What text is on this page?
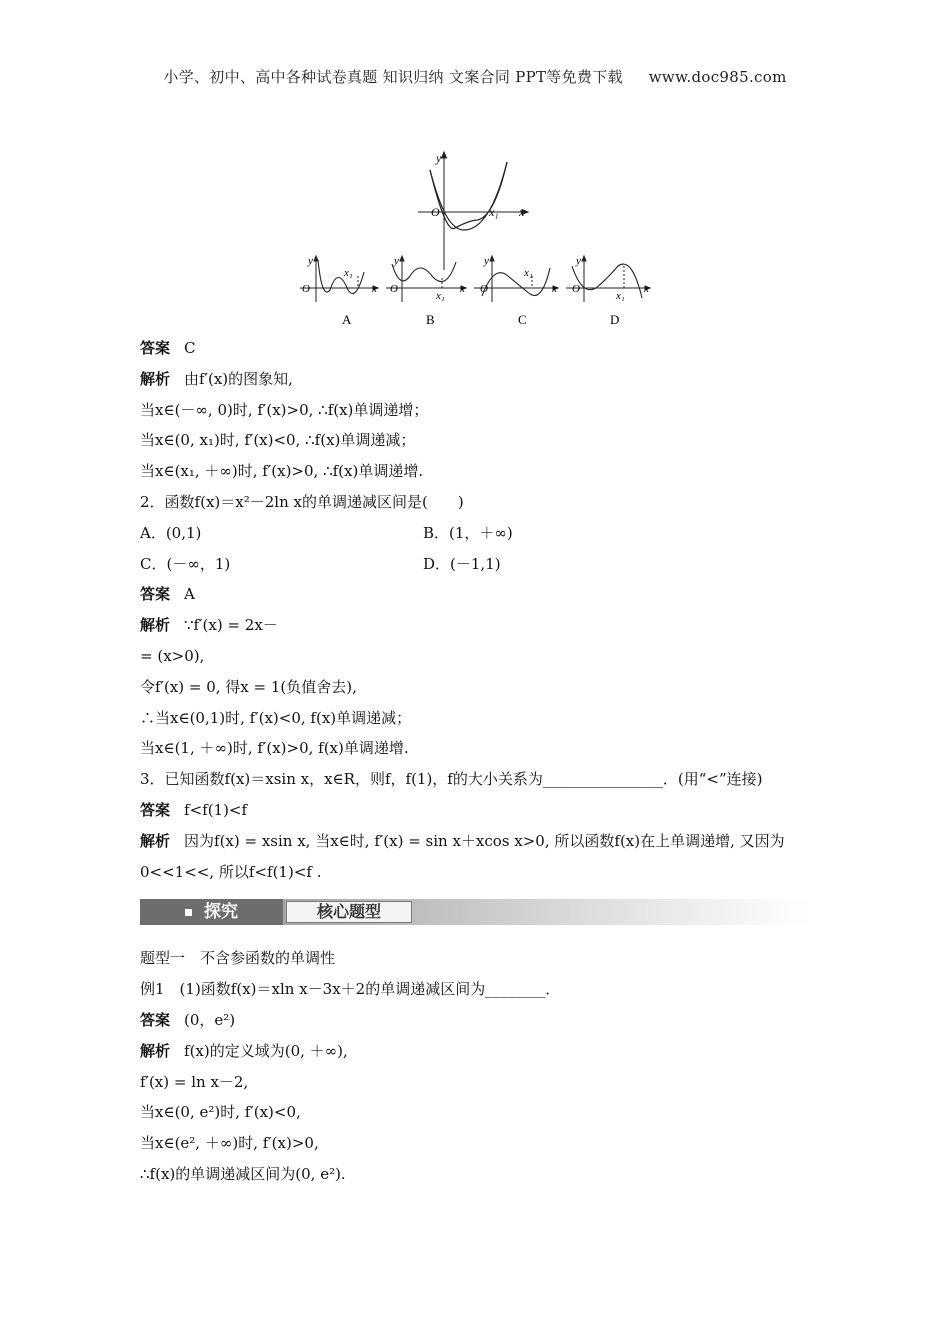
小学、初中、高中各种试卷真题 知识归纳 文案合同 PPT等免费下载 www.doc985.com
y
O	x₁ x
y
O
x₁
x
A
y
O
x₁
x
B
y
O
x₁
x
C
y
O
x₁
x
D
答案 C
解析 由f′(x)的图象知,
当x∈(－∞, 0)时, f′(x)>0, ∴f(x)单调递增；
当x∈(0, x₁)时, f′(x)<0, ∴f(x)单调递减；
当x∈(x₁, ＋∞)时, f′(x)>0, ∴f(x)单调递增.
2．函数f(x)＝x²－2ln x的单调递减区间是(　　)
A．(0,1)	B．(1，＋∞)
C．(－∞，1)	D．(－1,1)
答案 A
解析 ∵f′(x) = 2x－
= (x>0),
令f′(x) = 0, 得x = 1(负值舍去),
∴当x∈(0,1)时, f′(x)<0, f(x)单调递减；
当x∈(1, ＋∞)时, f′(x)>0, f(x)单调递增.
3．已知函数f(x)＝xsin x，x∈R，则f，f(1)，f的大小关系为________________．(用“<”连接)
答案 f<f(1)<f
解析 因为f(x) = xsin x, 当x∈时, f′(x) = sin x＋xcos x>0, 所以函数f(x)在上单调递增, 又因为0<<1<<, 所以f<f(1)<f .
探究	核心题型
题型一　不含参函数的单调性
例1　(1)函数f(x)＝xln x－3x＋2的单调递减区间为________．
答案 (0，e²)
解析 f(x)的定义域为(0, ＋∞),
f′(x) = ln x－2,
当x∈(0, e²)时, f′(x)<0,
当x∈(e², ＋∞)时, f′(x)>0,
∴f(x)的单调递减区间为(0, e²).
